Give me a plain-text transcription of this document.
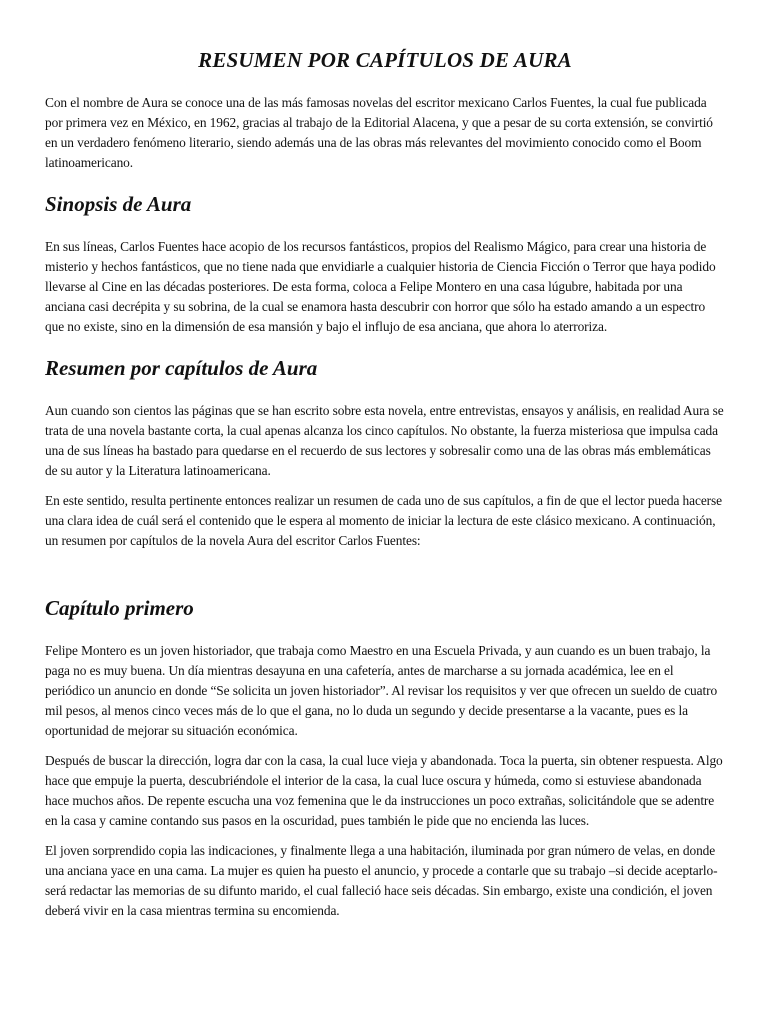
RESUMEN POR CAPÍTULOS DE AURA

Con el nombre de Aura se conoce una de las más famosas novelas del escritor mexicano Carlos Fuentes, la cual fue publicada por primera vez en México, en 1962, gracias al trabajo de la Editorial Alacena, y que a pesar de su corta extensión, se convirtió en un verdadero fenómeno literario, siendo además una de las obras más relevantes del movimiento conocido como el Boom latinoamericano.

Sinopsis de Aura

En sus líneas, Carlos Fuentes hace acopio de los recursos fantásticos, propios del Realismo Mágico, para crear una historia de misterio y hechos fantásticos, que no tiene nada que envidiarle a cualquier historia de Ciencia Ficción o Terror que haya podido llevarse al Cine en las décadas posteriores. De esta forma, coloca a Felipe Montero en una casa lúgubre, habitada por una anciana casi decrépita y su sobrina, de la cual se enamora hasta descubrir con horror que sólo ha estado amando a un espectro que no existe, sino en la dimensión de esa mansión y bajo el influjo de esa anciana, que ahora lo aterroriza.

Resumen por capítulos de Aura

Aun cuando son cientos las páginas que se han escrito sobre esta novela, entre entrevistas, ensayos y análisis, en realidad Aura se trata de una novela bastante corta, la cual apenas alcanza los cinco capítulos. No obstante, la fuerza misteriosa que impulsa cada una de sus líneas ha bastado para quedarse en el recuerdo de sus lectores y sobresalir como una de las obras más emblemáticas de su autor y la Literatura latinoamericana.

En este sentido, resulta pertinente entonces realizar un resumen de cada uno de sus capítulos, a fin de que el lector pueda hacerse una clara idea de cuál será el contenido que le espera al momento de iniciar la lectura de este clásico mexicano. A continuación, un resumen por capítulos de la novela Aura del escritor Carlos Fuentes:

Capítulo primero

Felipe Montero es un joven historiador, que trabaja como Maestro en una Escuela Privada, y aun cuando es un buen trabajo, la paga no es muy buena. Un día mientras desayuna en una cafetería, antes de marcharse a su jornada académica, lee en el periódico un anuncio en donde “Se solicita un joven historiador”. Al revisar los requisitos y ver que ofrecen un sueldo de cuatro mil pesos, al menos cinco veces más de lo que el gana, no lo duda un segundo y decide presentarse a la vacante, pues es la oportunidad de mejorar su situación económica.

Después de buscar la dirección, logra dar con la casa, la cual luce vieja y abandonada. Toca la puerta, sin obtener respuesta. Algo hace que empuje la puerta, descubriéndole el interior de la casa, la cual luce oscura y húmeda, como si estuviese abandonada hace muchos años. De repente escucha una voz femenina que le da instrucciones un poco extrañas, solicitándole que se adentre en la casa y camine contando sus pasos en la oscuridad, pues también le pide que no encienda las luces.

El joven sorprendido copia las indicaciones, y finalmente llega a una habitación, iluminada por gran número de velas, en donde una anciana yace en una cama. La mujer es quien ha puesto el anuncio, y procede a contarle que su trabajo –si decide aceptarlo- será redactar las memorias de su difunto marido, el cual falleció hace seis décadas. Sin embargo, existe una condición, el joven deberá vivir en la casa mientras termina su encomienda.
